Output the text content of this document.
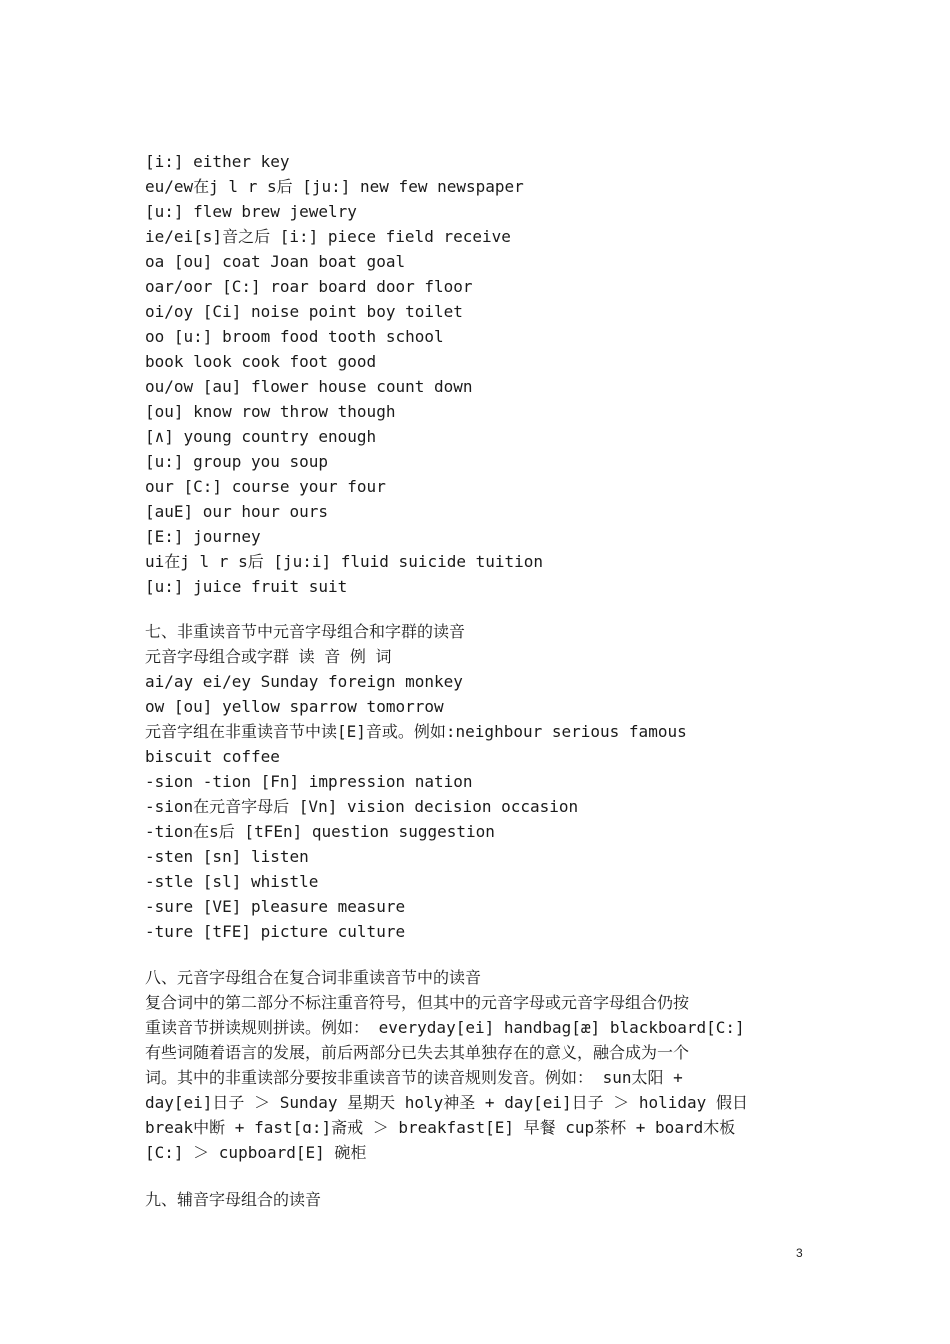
[i:] either key
eu/ew在j l r s后 [ju:] new few newspaper
[u:] flew brew jewelry
ie/ei[s]音之后 [i:] piece field receive
oa [ou] coat Joan boat goal
oar/oor [C:] roar board door floor
oi/oy [Ci] noise point boy toilet
oo [u:] broom food tooth school
book look cook foot good
ou/ow [au] flower house count down
[ou] know row throw though
[∧] young country enough
[u:] group you soup
our [C:] course your four
[auE] our hour ours
[E:] journey
ui在j l r s后 [ju:i] fluid suicide tuition
[u:] juice fruit suit
七、非重读音节中元音字母组合和字群的读音
元音字母组合或字群 读 音 例 词
ai/ay ei/ey Sunday foreign monkey
ow [ou] yellow sparrow tomorrow
元音字组在非重读音节中读[E]音或。例如:neighbour serious famous
biscuit coffee
-sion -tion [Fn] impression nation
-sion在元音字母后 [Vn] vision decision occasion
-tion在s后 [tFEn] question suggestion
-sten [sn] listen
-stle [sl] whistle
-sure [VE] pleasure measure
-ture [tFE] picture culture
八、元音字母组合在复合词非重读音节中的读音
复合词中的第二部分不标注重音符号，但其中的元音字母或元音字母组合仍按
重读音节拼读规则拼读。例如： everyday[ei] handbag[æ] blackboard[C:]
有些词随着语言的发展，前后两部分已失去其单独存在的意义，融合成为一个
词。其中的非重读部分要按非重读音节的读音规则发音。例如： sun太阳 +
day[ei]日子 ＞ Sunday 星期天 holy神圣 + day[ei]日子 ＞ holiday 假日
break中断 + fast[ɑ:]斋戒 ＞ breakfast[E] 早餐 cup茶杯 + board木板
[C:] ＞ cupboard[E] 碗柜
九、辅音字母组合的读音
3
